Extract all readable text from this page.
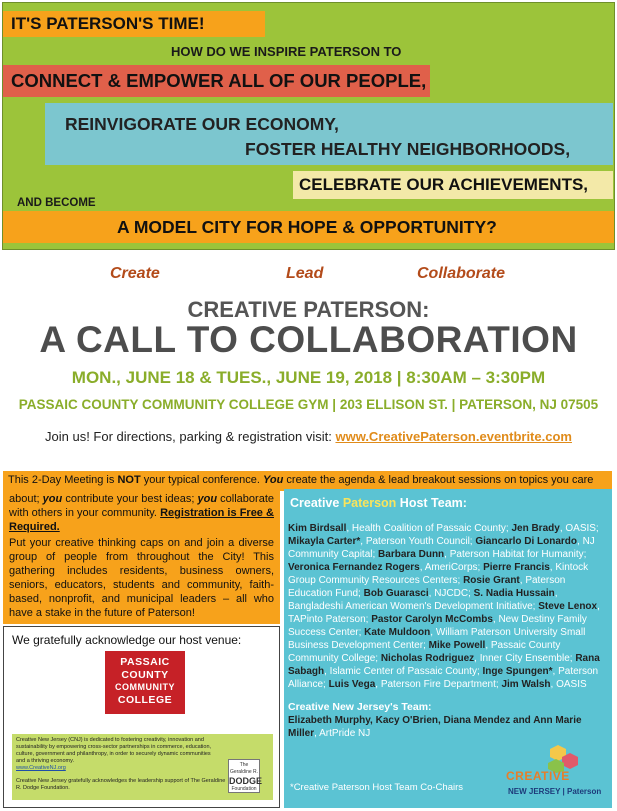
IT'S PATERSON'S TIME!
HOW DO WE INSPIRE PATERSON TO
CONNECT & EMPOWER ALL OF OUR PEOPLE,
REINVIGORATE OUR ECONOMY,
FOSTER HEALTHY NEIGHBORHOODS,
CELEBRATE OUR ACHIEVEMENTS,
AND BECOME
A MODEL CITY FOR HOPE & OPPORTUNITY?
Create	Lead	Collaborate
CREATIVE PATERSON:
A CALL TO COLLABORATION
MON., JUNE 18 & TUES., JUNE 19, 2018 | 8:30AM – 3:30PM
PASSAIC COUNTY COMMUNITY COLLEGE GYM | 203 ELLISON ST. | PATERSON, NJ 07505
Join us! For directions, parking & registration visit: www.CreativePaterson.eventbrite.com
This 2-Day Meeting is NOT your typical conference. You create the agenda & lead breakout sessions on topics you care

about; you contribute your best ideas; you collaborate with others in your community. Registration is Free & Required.

Put your creative thinking caps on and join a diverse group of people from throughout the City! This gathering includes residents, business owners, seniors, educators, students and community, faith-based, nonprofit, and municipal leaders – all who have a stake in the future of Paterson!

We gratefully acknowledge our host venue:
PASSAIC
COUNTY
COMMUNITY
COLLEGE
Creative New Jersey (CNJ) is dedicated to fostering creativity, innovation and sustainability by empowering cross-sector partnerships in commerce, education, culture, government and philanthropy, in order to securely dynamic communities and a thriving economy.
www.CreativeNJ.org
Creative New Jersey gratefully acknowledges the leadership support of The Geraldine R. Dodge Foundation.
The Geraldine R.
DODGE
Foundation
Creative Paterson Host Team:
Kim Birdsall, Health Coalition of Passaic County; Jen Brady, OASIS; Mikayla Carter*, Paterson Youth Council; Giancarlo Di Lonardo, NJ Community Capital; Barbara Dunn, Paterson Habitat for Humanity; Veronica Fernandez Rogers, AmeriCorps; Pierre Francis, Kintock Group Community Resources Centers; Rosie Grant, Paterson Education Fund; Bob Guarasci, NJCDC; S. Nadia Hussain, Bangladeshi American Women's Development Initiative; Steve Lenox, TAPinto Paterson; Pastor Carolyn McCombs, New Destiny Family Success Center; Kate Muldoon, William Paterson University Small Business Development Center; Mike Powell, Passaic County Community College; Nicholas Rodriguez, Inner City Ensemble; Rana Sabagh, Islamic Center of Passaic County; Inge Spungen*, Paterson Alliance; Luis Vega, Paterson Fire Department; Jim Walsh, OASIS
Creative New Jersey's Team:
Elizabeth Murphy, Kacy O'Brien, Diana Mendez and Ann Marie Miller, ArtPride NJ
*Creative Paterson Host Team Co-Chairs
CREATIVE
NEW JERSEY | Paterson
